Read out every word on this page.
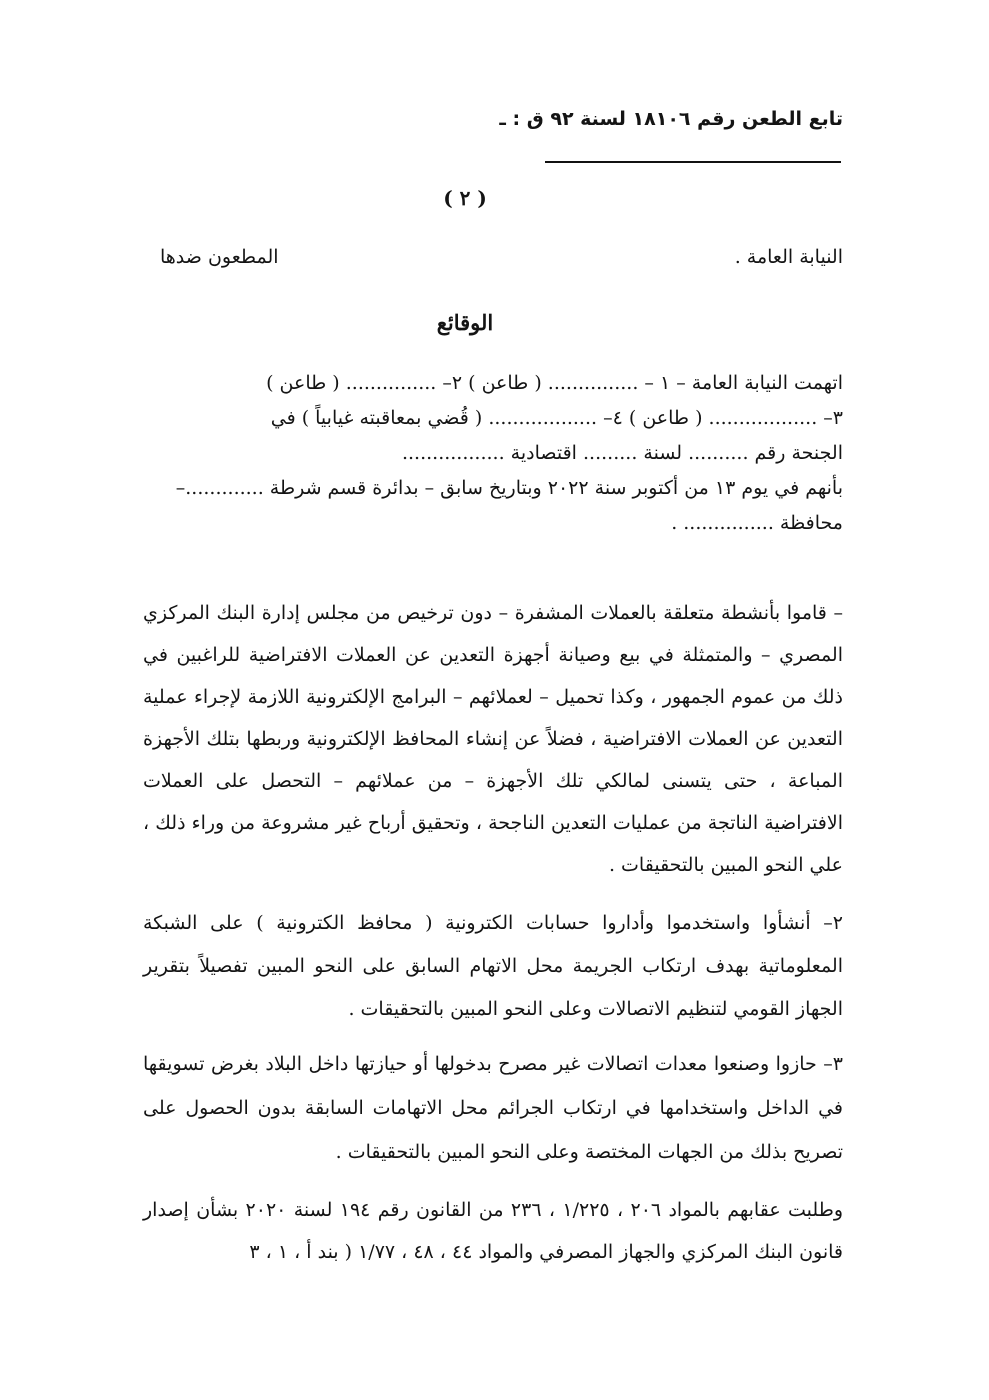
تابع الطعن رقم ١٨١٠٦ لسنة ٩٢ ق : ـ
( ٢ )
النيابة العامة .
المطعون ضدها
الوقائع

اتهمت النيابة العامة – ١ – ............... ( طاعن ) ٢– ............... ( طاعن )

٣– .................. ( طاعن ) ٤– .................. ( قُضي بمعاقبته غيابياً ) في

الجنحة رقم .......... لسنة ......... اقتصادية .................

بأنهم في يوم ١٣ من أكتوبر سنة ٢٠٢٢ وبتاريخ سابق – بدائرة قسم شرطة .............–

محافظة ............... .

– قاموا بأنشطة متعلقة بالعملات المشفرة – دون ترخيص من مجلس إدارة البنك المركزي المصري – والمتمثلة في بيع وصيانة أجهزة التعدين عن العملات الافتراضية للراغبين في ذلك من عموم الجمهور ، وكذا تحميل – لعملائهم – البرامج الإلكترونية اللازمة لإجراء عملية التعدين عن العملات الافتراضية ، فضلاً عن إنشاء المحافظ الإلكترونية وربطها بتلك الأجهزة المباعة ، حتى يتسنى لمالكي تلك الأجهزة – من عملائهم – التحصل على العملات الافتراضية الناتجة من عمليات التعدين الناجحة ، وتحقيق أرباح غير مشروعة من وراء ذلك ، علي النحو المبين بالتحقيقات .

٢– أنشأوا واستخدموا وأداروا حسابات الكترونية ( محافظ الكترونية ) على الشبكة المعلوماتية بهدف ارتكاب الجريمة محل الاتهام السابق على النحو المبين تفصيلاً بتقرير الجهاز القومي لتنظيم الاتصالات وعلى النحو المبين بالتحقيقات .

٣– حازوا وصنعوا معدات اتصالات غير مصرح بدخولها أو حيازتها داخل البلاد بغرض تسويقها في الداخل واستخدامها في ارتكاب الجرائم محل الاتهامات السابقة بدون الحصول على تصريح بذلك من الجهات المختصة وعلى النحو المبين بالتحقيقات .

وطلبت عقابهم بالمواد ٢٠٦ ، ١/٢٢٥ ، ٢٣٦ من القانون رقم ١٩٤ لسنة ٢٠٢٠ بشأن إصدار قانون البنك المركزي والجهاز المصرفي والمواد ٤٤ ، ٤٨ ، ١/٧٧ ( بند أ ، ١ ، ٣
